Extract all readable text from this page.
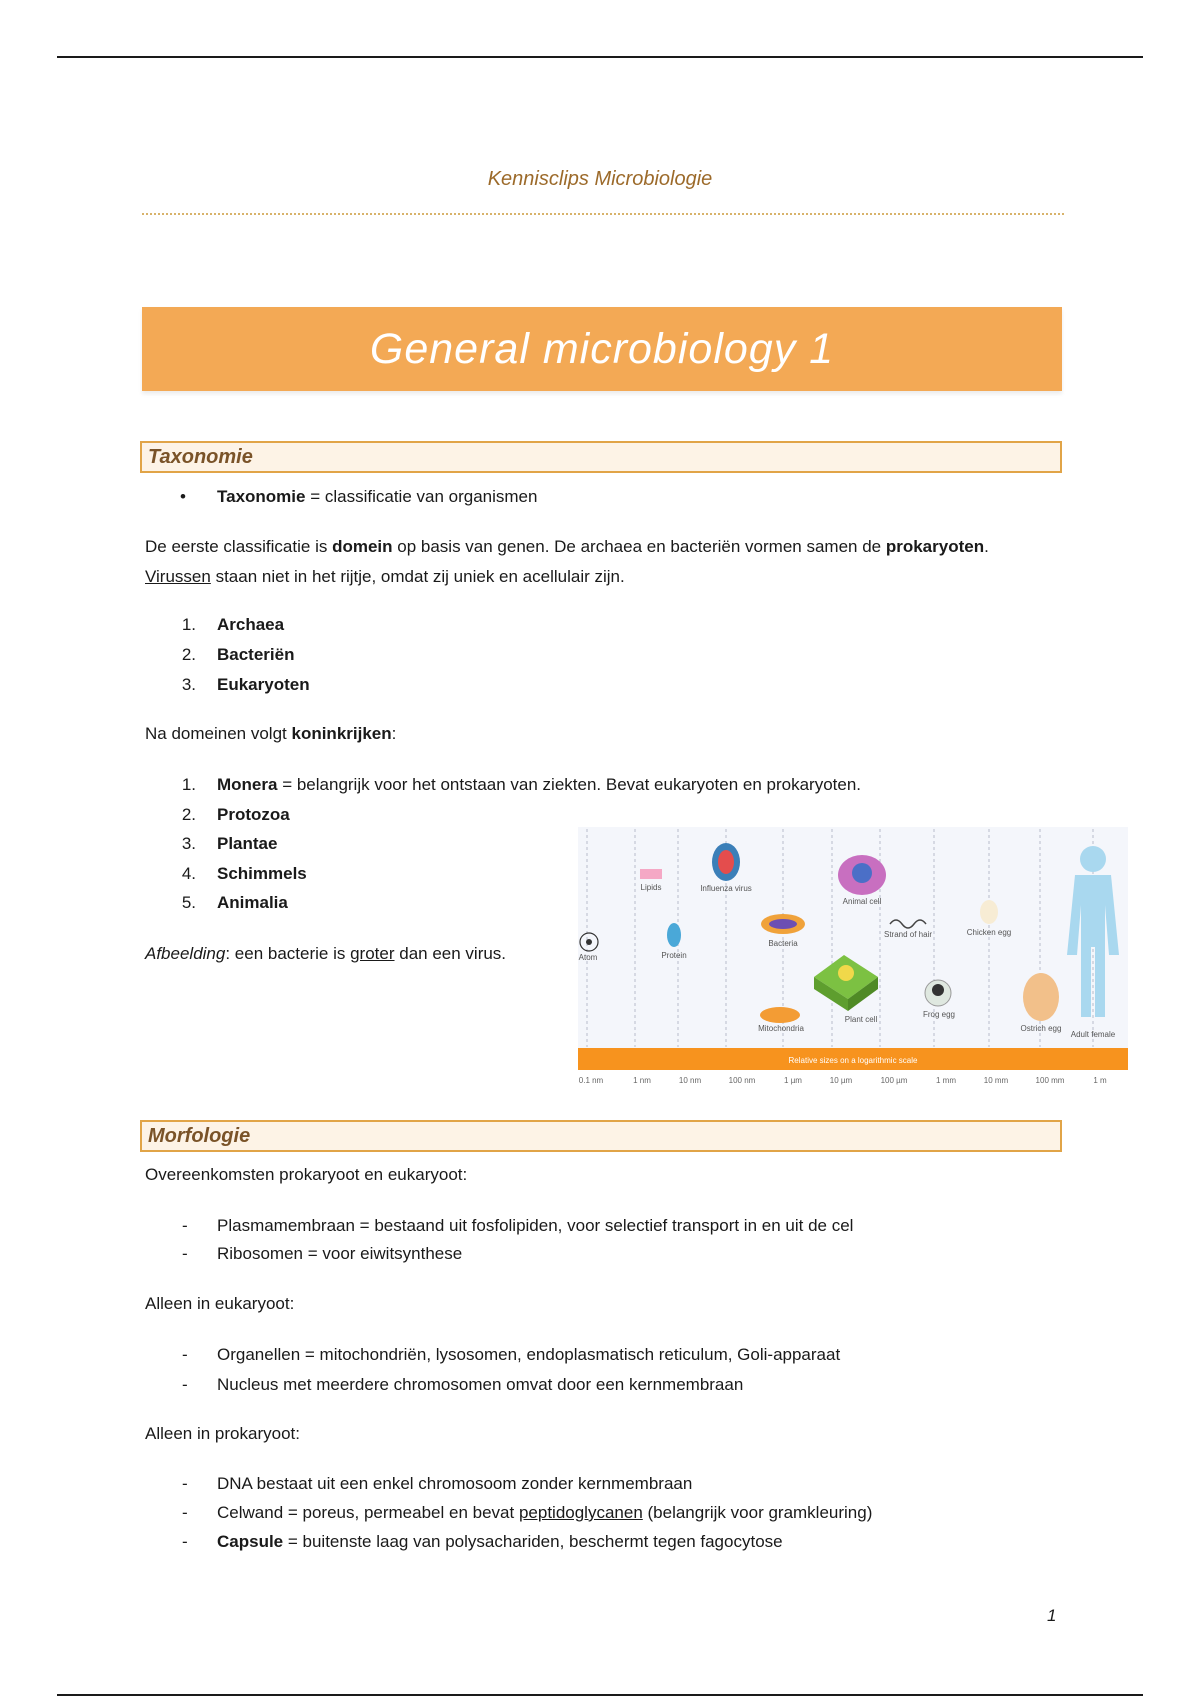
Kennisclips Microbiologie
General microbiology 1
Taxonomie
• Taxonomie = classificatie van organismen
De eerste classificatie is domein op basis van genen. De archaea en bacteriën vormen samen de prokaryoten.
Virussen staan niet in het rijtje, omdat zij uniek en acellulair zijn.
1. Archaea
2. Bacteriën
3. Eukaryoten
Na domeinen volgt koninkrijken:
1. Monera = belangrijk voor het ontstaan van ziekten. Bevat eukaryoten en prokaryoten.
2. Protozoa
3. Plantae
4. Schimmels
5. Animalia
Afbeelding: een bacterie is groter dan een virus.	Atom
Lipids
Protein
Influenza virus
Bacteria
Mitochondria
Animal cell
Plant cell
Strand of hair
Frog egg
Chicken egg
Ostrich egg
Adult female
Relative sizes on a logarithmic scale
0.1 nm	1 nm	10 nm	100 nm	1 µm	10 µm	100 µm	1 mm	10 mm	100 mm	1 m
Morfologie
Overeenkomsten prokaryoot en eukaryoot:
- Plasmamembraan = bestaand uit fosfolipiden, voor selectief transport in en uit de cel
- Ribosomen = voor eiwitsynthese
Alleen in eukaryoot:
- Organellen = mitochondriën, lysosomen, endoplasmatisch reticulum, Goli-apparaat
- Nucleus met meerdere chromosomen omvat door een kernmembraan
Alleen in prokaryoot:
- DNA bestaat uit een enkel chromosoom zonder kernmembraan
- Celwand = poreus, permeabel en bevat peptidoglycanen (belangrijk voor gramkleuring)
- Capsule = buitenste laag van polysachariden, beschermt tegen fagocytose
1
